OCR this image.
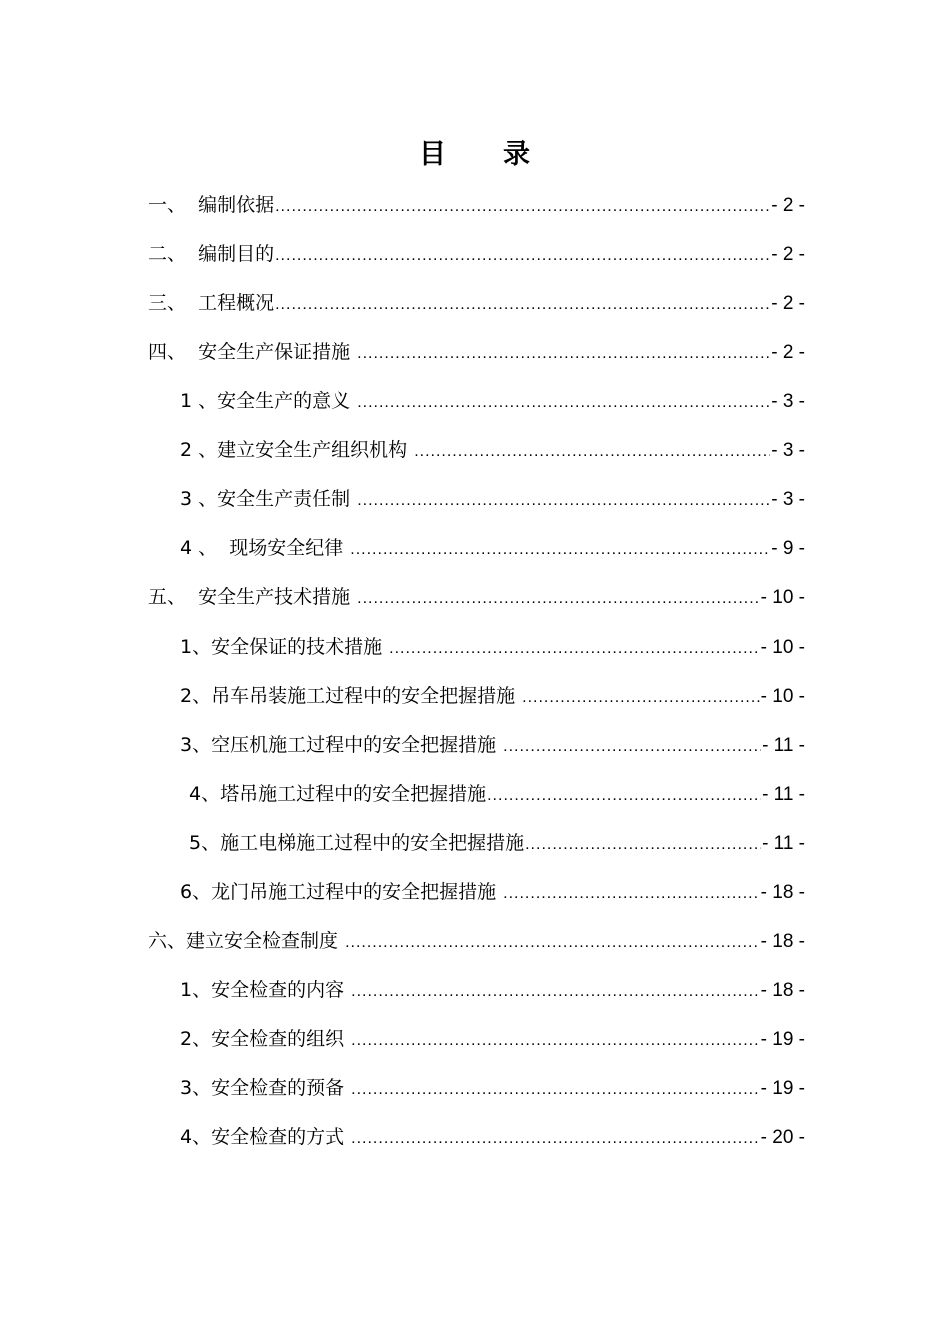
目 录
一、 编制依据 .....	- 2 -
二、 编制目的 .....	- 2 -
三、 工程概况 .....	- 2 -
四、 安全生产保证措施 .....	- 2 -
1 、 安全生产的意义 .....	- 3 -
2 、 建立安全生产组织机构 .....	- 3 -
3 、 安全生产责任制 .....	- 3 -
4 、 现场安全纪律 .....	- 9 -
五、 安全生产技术措施 .....	- 10 -
1、 安全保证的技术措施 .....	- 10 -
2、 吊车吊装施工过程中的安全把握措施 .....	- 10 -
3、 空压机施工过程中的安全把握措施 .....	- 11 -
4、 塔吊施工过程中的安全把握措施 .....	- 11 -
5、 施工电梯施工过程中的安全把握措施 .....	- 11 -
6、 龙门吊施工过程中的安全把握措施 .....	- 18 -
六、 建立安全检查制度 .....	- 18 -
1、 安全检查的内容 .....	- 18 -
2、 安全检查的组织 .....	- 19 -
3、 安全检查的预备 .....	- 19 -
4、 安全检查的方式 .....	- 20 -
